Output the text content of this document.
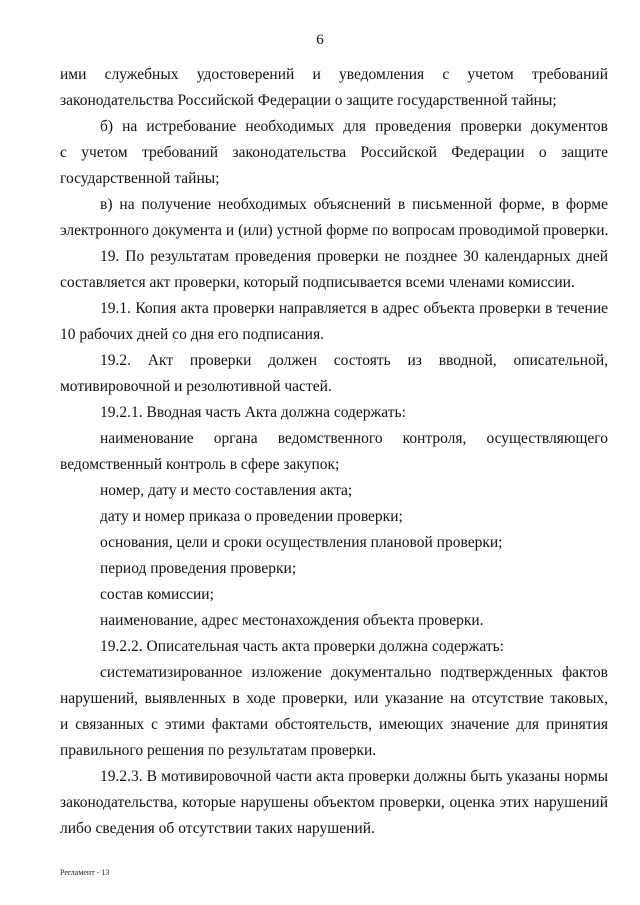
6
ими служебных удостоверений и уведомления с учетом требований
законодательства Российской Федерации о защите государственной тайны;
б) на истребование необходимых для проведения проверки документов
с учетом требований законодательства Российской Федерации о защите
государственной тайны;
в) на получение необходимых объяснений в письменной форме, в форме
электронного документа и (или) устной форме по вопросам проводимой проверки.
19. По результатам проведения проверки не позднее 30 календарных дней
составляется акт проверки, который подписывается всеми членами комиссии.
19.1. Копия акта проверки направляется в адрес объекта проверки в течение
10 рабочих дней со дня его подписания.
19.2. Акт проверки должен состоять из вводной, описательной,
мотивировочной и резолютивной частей.
19.2.1. Вводная часть Акта должна содержать:
наименование органа ведомственного контроля, осуществляющего
ведомственный контроль в сфере закупок;
номер, дату и место составления акта;
дату и номер приказа о проведении проверки;
основания, цели и сроки осуществления плановой проверки;
период проведения проверки;
состав комиссии;
наименование, адрес местонахождения объекта проверки.
19.2.2. Описательная часть акта проверки должна содержать:
систематизированное изложение документально подтвержденных фактов
нарушений, выявленных в ходе проверки, или указание на отсутствие таковых,
и связанных с этими фактами обстоятельств, имеющих значение для принятия
правильного решения по результатам проверки.
19.2.3. В мотивировочной части акта проверки должны быть указаны нормы
законодательства, которые нарушены объектом проверки, оценка этих нарушений
либо сведения об отсутствии таких нарушений.
Регламент - 13
